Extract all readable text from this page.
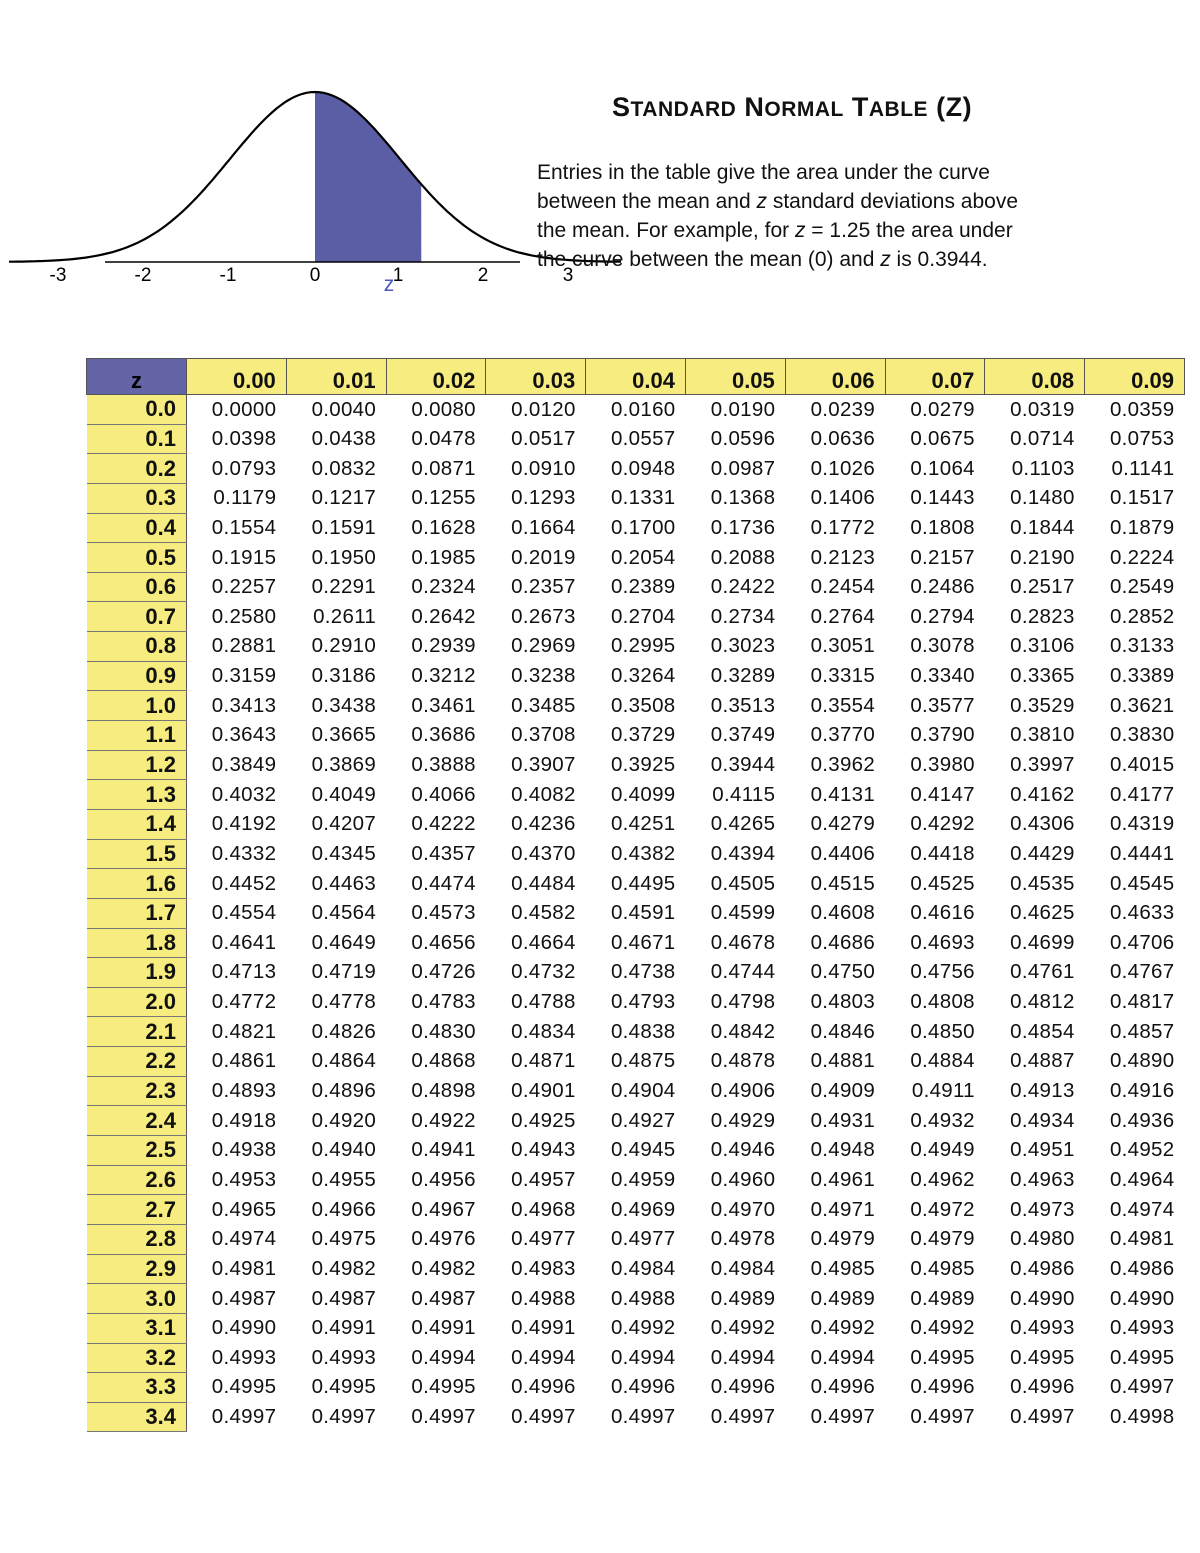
-3	-2	-1	0	1	2	3
z
STANDARD NORMAL TABLE (Z)
Entries in the table give the area under the curve
between the mean and z standard deviations above
the mean. For example, for z = 1.25 the area under
the curve between the mean (0) and z is 0.3944.
z	0.00	0.01	0.02	0.03	0.04	0.05	0.06	0.07	0.08	0.09
0.0	0.0000	0.0040	0.0080	0.0120	0.0160	0.0190	0.0239	0.0279	0.0319	0.0359
0.1	0.0398	0.0438	0.0478	0.0517	0.0557	0.0596	0.0636	0.0675	0.0714	0.0753
0.2	0.0793	0.0832	0.0871	0.0910	0.0948	0.0987	0.1026	0.1064	0.1103	0.1141
0.3	0.1179	0.1217	0.1255	0.1293	0.1331	0.1368	0.1406	0.1443	0.1480	0.1517
0.4	0.1554	0.1591	0.1628	0.1664	0.1700	0.1736	0.1772	0.1808	0.1844	0.1879
0.5	0.1915	0.1950	0.1985	0.2019	0.2054	0.2088	0.2123	0.2157	0.2190	0.2224
0.6	0.2257	0.2291	0.2324	0.2357	0.2389	0.2422	0.2454	0.2486	0.2517	0.2549
0.7	0.2580	0.2611	0.2642	0.2673	0.2704	0.2734	0.2764	0.2794	0.2823	0.2852
0.8	0.2881	0.2910	0.2939	0.2969	0.2995	0.3023	0.3051	0.3078	0.3106	0.3133
0.9	0.3159	0.3186	0.3212	0.3238	0.3264	0.3289	0.3315	0.3340	0.3365	0.3389
1.0	0.3413	0.3438	0.3461	0.3485	0.3508	0.3513	0.3554	0.3577	0.3529	0.3621
1.1	0.3643	0.3665	0.3686	0.3708	0.3729	0.3749	0.3770	0.3790	0.3810	0.3830
1.2	0.3849	0.3869	0.3888	0.3907	0.3925	0.3944	0.3962	0.3980	0.3997	0.4015
1.3	0.4032	0.4049	0.4066	0.4082	0.4099	0.4115	0.4131	0.4147	0.4162	0.4177
1.4	0.4192	0.4207	0.4222	0.4236	0.4251	0.4265	0.4279	0.4292	0.4306	0.4319
1.5	0.4332	0.4345	0.4357	0.4370	0.4382	0.4394	0.4406	0.4418	0.4429	0.4441
1.6	0.4452	0.4463	0.4474	0.4484	0.4495	0.4505	0.4515	0.4525	0.4535	0.4545
1.7	0.4554	0.4564	0.4573	0.4582	0.4591	0.4599	0.4608	0.4616	0.4625	0.4633
1.8	0.4641	0.4649	0.4656	0.4664	0.4671	0.4678	0.4686	0.4693	0.4699	0.4706
1.9	0.4713	0.4719	0.4726	0.4732	0.4738	0.4744	0.4750	0.4756	0.4761	0.4767
2.0	0.4772	0.4778	0.4783	0.4788	0.4793	0.4798	0.4803	0.4808	0.4812	0.4817
2.1	0.4821	0.4826	0.4830	0.4834	0.4838	0.4842	0.4846	0.4850	0.4854	0.4857
2.2	0.4861	0.4864	0.4868	0.4871	0.4875	0.4878	0.4881	0.4884	0.4887	0.4890
2.3	0.4893	0.4896	0.4898	0.4901	0.4904	0.4906	0.4909	0.4911	0.4913	0.4916
2.4	0.4918	0.4920	0.4922	0.4925	0.4927	0.4929	0.4931	0.4932	0.4934	0.4936
2.5	0.4938	0.4940	0.4941	0.4943	0.4945	0.4946	0.4948	0.4949	0.4951	0.4952
2.6	0.4953	0.4955	0.4956	0.4957	0.4959	0.4960	0.4961	0.4962	0.4963	0.4964
2.7	0.4965	0.4966	0.4967	0.4968	0.4969	0.4970	0.4971	0.4972	0.4973	0.4974
2.8	0.4974	0.4975	0.4976	0.4977	0.4977	0.4978	0.4979	0.4979	0.4980	0.4981
2.9	0.4981	0.4982	0.4982	0.4983	0.4984	0.4984	0.4985	0.4985	0.4986	0.4986
3.0	0.4987	0.4987	0.4987	0.4988	0.4988	0.4989	0.4989	0.4989	0.4990	0.4990
3.1	0.4990	0.4991	0.4991	0.4991	0.4992	0.4992	0.4992	0.4992	0.4993	0.4993
3.2	0.4993	0.4993	0.4994	0.4994	0.4994	0.4994	0.4994	0.4995	0.4995	0.4995
3.3	0.4995	0.4995	0.4995	0.4996	0.4996	0.4996	0.4996	0.4996	0.4996	0.4997
3.4	0.4997	0.4997	0.4997	0.4997	0.4997	0.4997	0.4997	0.4997	0.4997	0.4998
